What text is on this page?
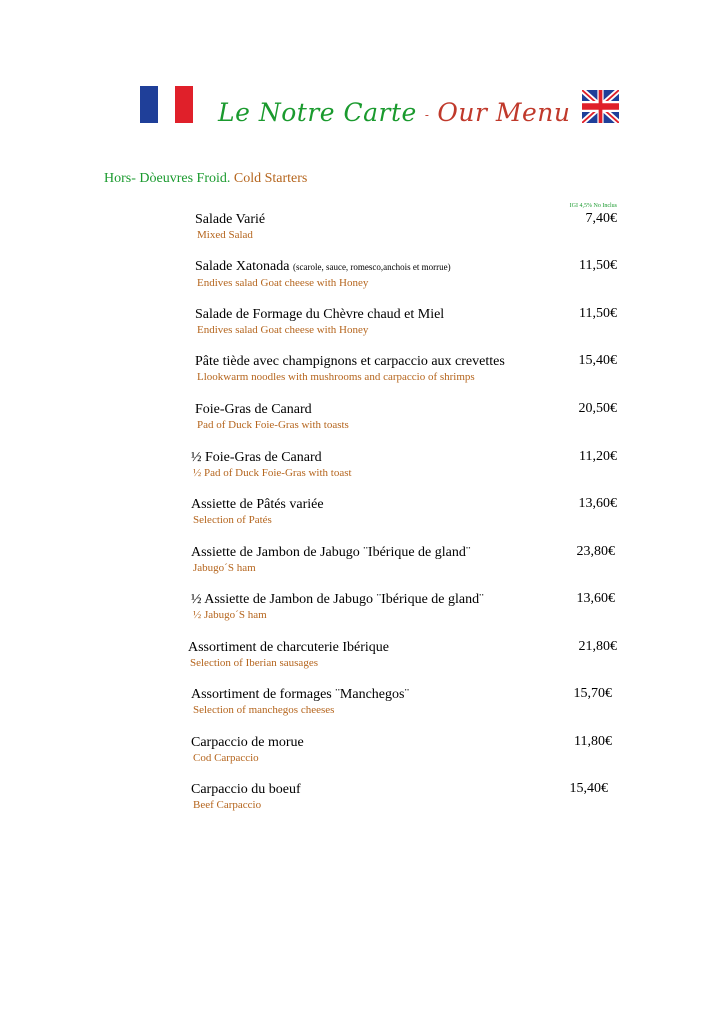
Le Notre Carte - Our Menu
Hors- Dòeuvres Froid. Cold Starters
IGI 4,5% No Inclus
Salade Varié
Mixed Salad
7,40€
Salade Xatonada (scarole, sauce, romesco,anchois et morrue)
Endives salad Goat cheese with Honey
11,50€
Salade de Formage du Chèvre chaud et Miel
Endives salad Goat cheese with Honey
11,50€
Pâte tiède avec champignons et carpaccio aux crevettes
Llookwarm noodles with mushrooms and carpaccio of shrimps
15,40€
Foie-Gras de Canard
Pad of Duck Foie-Gras with toasts
20,50€
½ Foie-Gras de Canard
½ Pad of Duck Foie-Gras with toast
11,20€
Assiette de Pâtés variée
Selection of Patés
13,60€
Assiette de Jambon de Jabugo ¨Ibérique de gland¨
Jabugo´S ham
23,80€
½ Assiette de Jambon de Jabugo ¨Ibérique de gland¨
½ Jabugo´S ham
13,60€
Assortiment de charcuterie Ibérique
Selection of Iberian sausages
21,80€
Assortiment de formages ¨Manchegos¨
Selection of manchegos cheeses
15,70€
Carpaccio de morue
Cod Carpaccio
11,80€
Carpaccio du boeuf
Beef Carpaccio
15,40€
